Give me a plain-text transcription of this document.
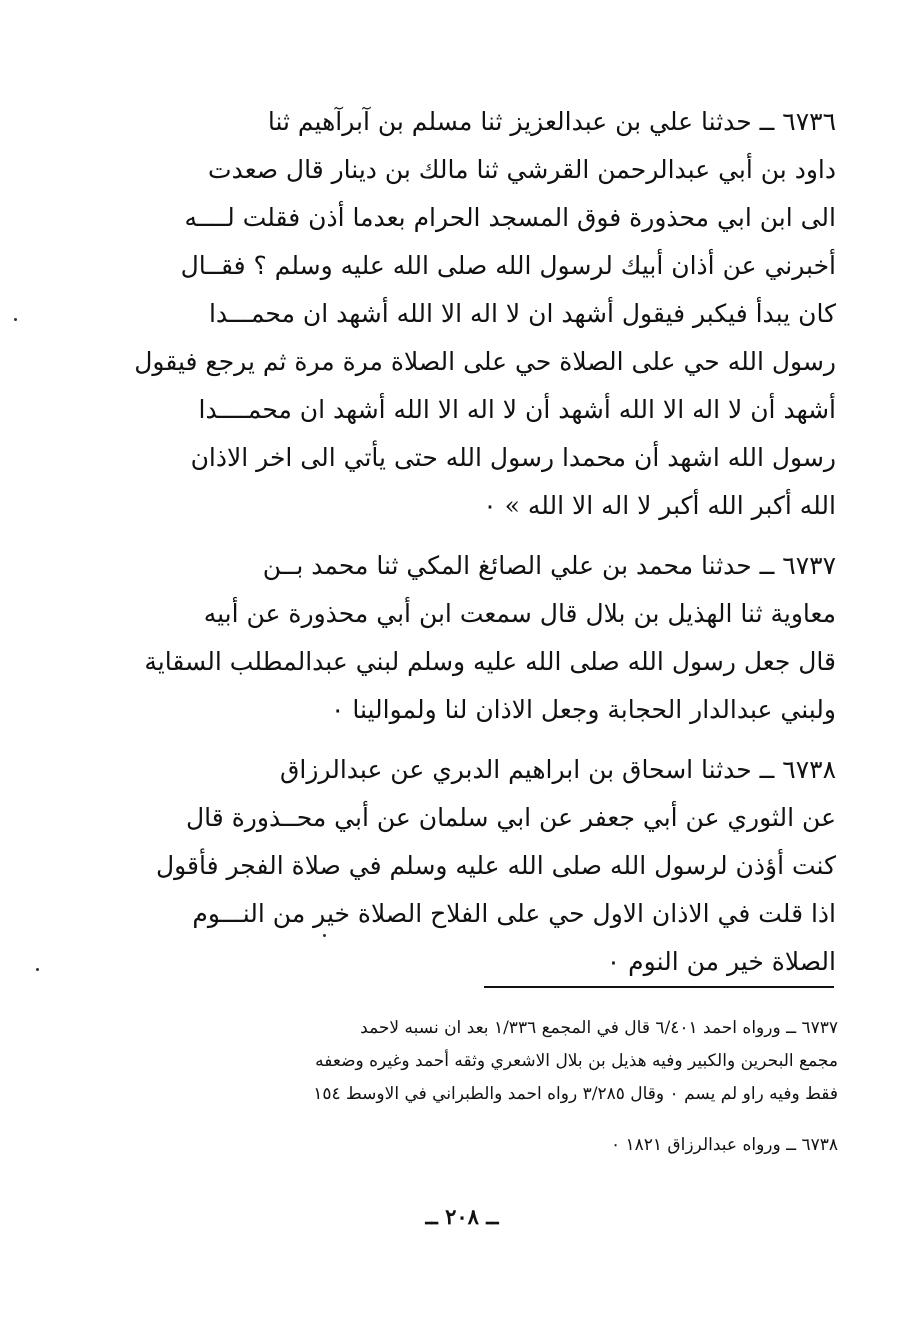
٦٧٣٦ ــ حدثنا علي بن عبدالعزيز ثنا مسلم بن آبرآهيم ثنا
داود بن أبي عبدالرحمن القرشي ثنا مالك بن دينار قال صعدت
الى ابن ابي محذورة فوق المسجد الحرام بعدما أذن فقلت لــــه
أخبرني عن أذان أبيك لرسول الله صلى الله عليه وسلم ؟ فقــال
كان يبدأ فيكبر فيقول أشهد ان لا اله الا الله أشهد ان محمـــدا
رسول الله حي على الصلاة حي على الصلاة مرة مرة ثم يرجع فيقول
أشهد أن لا اله الا الله أشهد أن لا اله الا الله أشهد ان محمــــدا
رسول الله اشهد أن محمدا رسول الله حتى يأتي الى اخر الاذان
الله أكبر الله أكبر لا اله الا الله » ٠
٦٧٣٧ ــ حدثنا محمد بن علي الصائغ المكي ثنا محمد بــن
معاوية ثنا الهذيل بن بلال قال سمعت ابن أبي محذورة عن أبيه
قال جعل رسول الله صلى الله عليه وسلم لبني عبدالمطلب السقاية
ولبني عبدالدار الحجابة وجعل الاذان لنا ولموالينا ٠
٦٧٣٨ ــ حدثنا اسحاق بن ابراهيم الدبري عن عبدالرزاق
عن الثوري عن أبي جعفر عن ابي سلمان عن أبي محــذورة قال
كنت أؤذن لرسول الله صلى الله عليه وسلم في صلاة الفجر فأقول
اذا قلت في الاذان الاول حي على الفلاح الصلاة خير من النـــوم
الصلاة خير من النوم ٠
٦٧٣٧ ــ ورواه احمد ٦/٤٠١ قال في المجمع ١/٣٣٦ بعد ان نسبه لاحمد
مجمع البحرين والكبير وفيه هذيل بن بلال الاشعري وثقه أحمد وغيره وضعفه
فقط وفيه راو لم يسم ٠ وقال ٣/٢٨٥ رواه احمد والطبراني في الاوسط ١٥٤
٦٧٣٨ ــ ورواه عبدالرزاق ١٨٢١ ٠
ــ ٢٠٨ ــ
